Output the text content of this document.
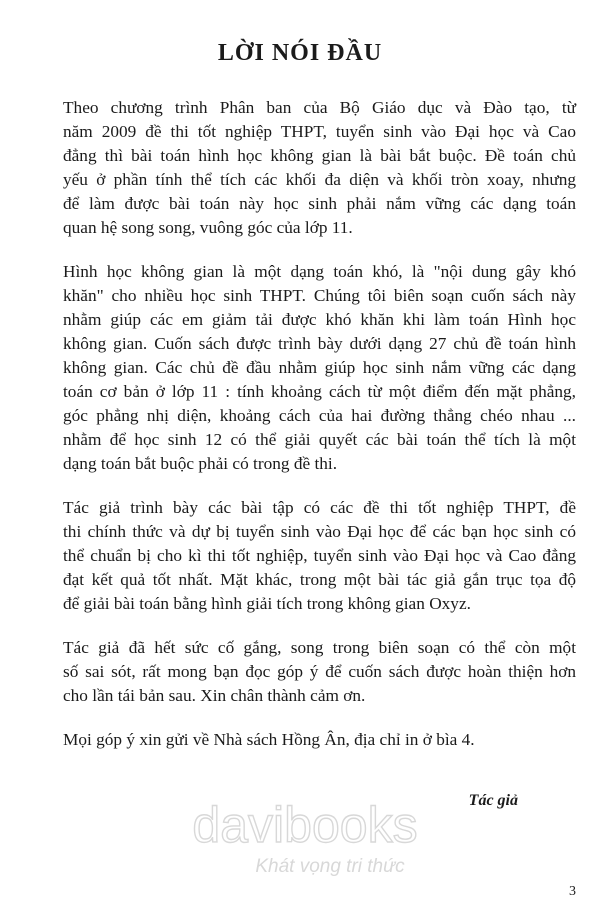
LỜI NÓI ĐẦU

Theo chương trình Phân ban của Bộ Giáo dục và Đào tạo, từ
năm 2009 đề thi tốt nghiệp THPT, tuyển sinh vào Đại học và Cao
đẳng thì bài toán hình học không gian là bài bắt buộc. Đề toán chủ
yếu ở phần tính thể tích các khối đa diện và khối tròn xoay, nhưng
để làm được bài toán này học sinh phải nắm vững các dạng toán
quan hệ song song, vuông góc của lớp 11.

Hình học không gian là một dạng toán khó, là "nội dung gây khó
khăn" cho nhiều học sinh THPT. Chúng tôi biên soạn cuốn sách này
nhằm giúp các em giảm tải được khó khăn khi làm toán Hình học
không gian. Cuốn sách được trình bày dưới dạng 27 chủ đề toán hình
không gian. Các chủ đề đầu nhằm giúp học sinh nắm vững các dạng
toán cơ bản ở lớp 11 : tính khoảng cách từ một điểm đến mặt phẳng,
góc phẳng nhị diện, khoảng cách của hai đường thẳng chéo nhau ...
nhằm để học sinh 12 có thể giải quyết các bài toán thể tích là một
dạng toán bắt buộc phải có trong đề thi.

Tác giả trình bày các bài tập có các đề thi tốt nghiệp THPT, đề
thi chính thức và dự bị tuyển sinh vào Đại học để các bạn học sinh có
thể chuẩn bị cho kì thi tốt nghiệp, tuyển sinh vào Đại học và Cao đẳng
đạt kết quả tốt nhất. Mặt khác, trong một bài tác giả gắn trục tọa độ
để giải bài toán bằng hình giải tích trong không gian Oxyz.

Tác giả đã hết sức cố gắng, song trong biên soạn có thể còn một
số sai sót, rất mong bạn đọc góp ý để cuốn sách được hoàn thiện hơn
cho lần tái bản sau. Xin chân thành cảm ơn.

Mọi góp ý xin gửi về Nhà sách Hồng Ân, địa chỉ in ở bìa 4.

Tác giả
davibooks
Khát vọng tri thức
3
